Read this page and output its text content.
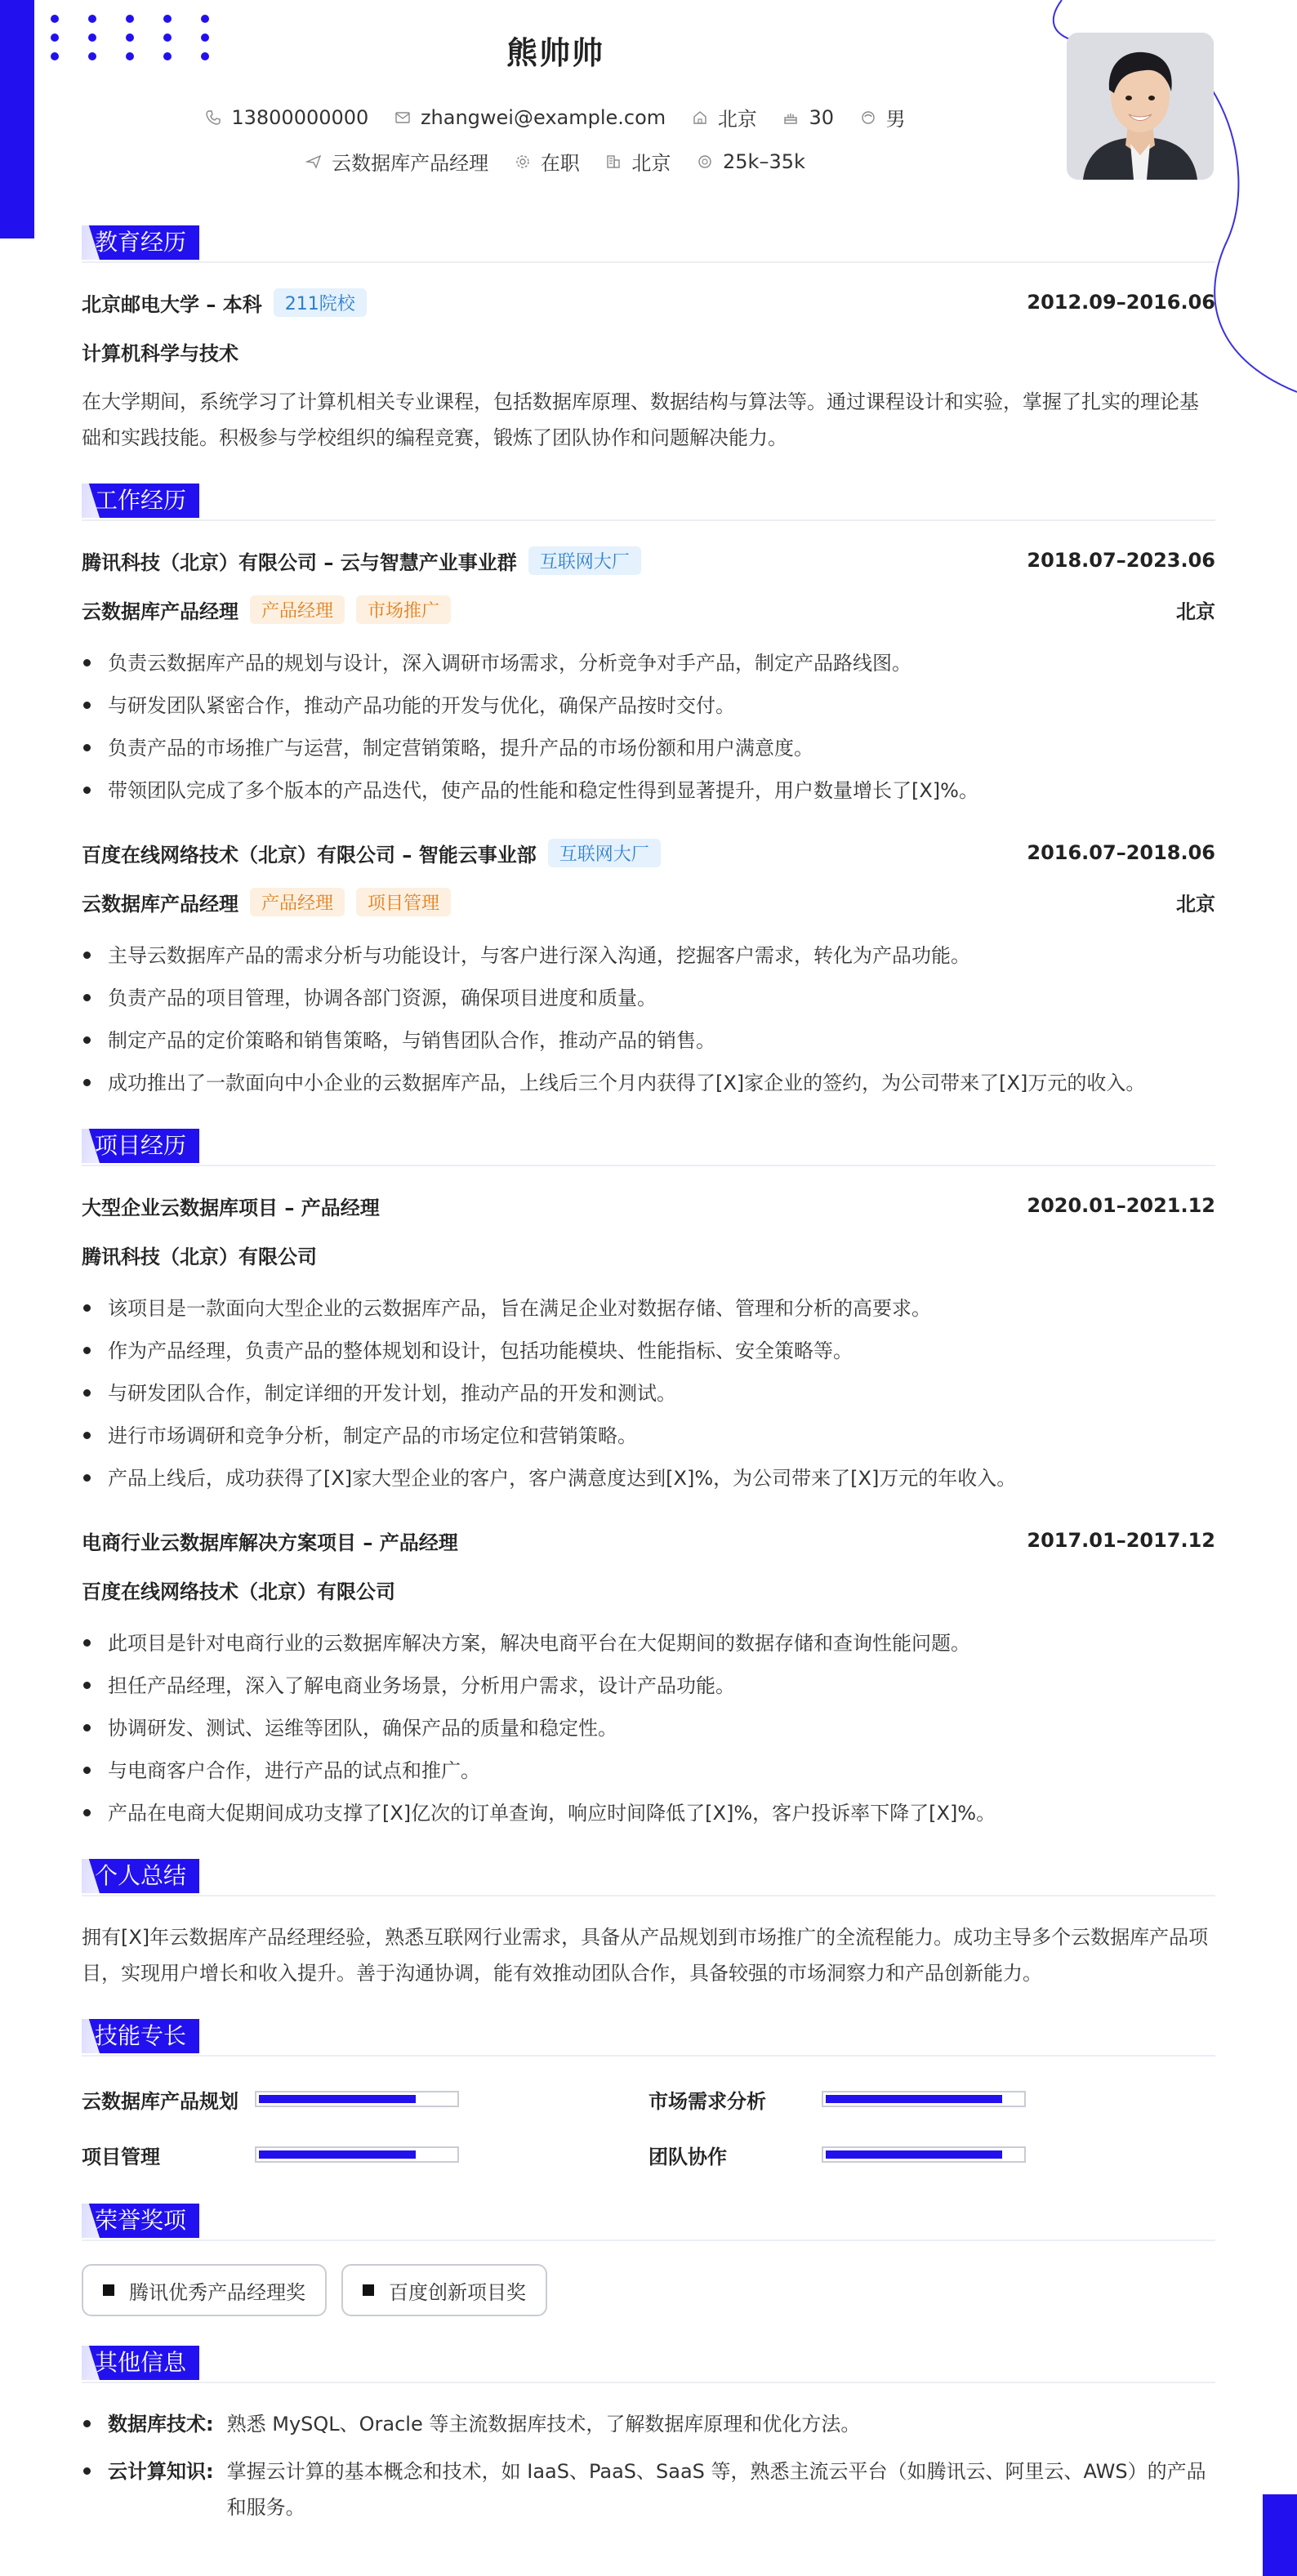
熊帅帅
13800000000
	zhangwei@example.com
	北京
	30
	男
云数据库产品经理
	在职
	北京
	25k–35k
教育经历
北京邮电大学 – 本科	211院校	2012.09–2016.06
计算机科学与技术

在大学期间，系统学习了计算机相关专业课程，包括数据库原理、数据结构与算法等。通过课程设计和实验，掌握了扎实的理论基础和实践技能。积极参与学校组织的编程竞赛，锻炼了团队协作和问题解决能力。

工作经历
腾讯科技（北京）有限公司 – 云与智慧产业事业群	互联网大厂	2018.07–2023.06
云数据库产品经理	产品经理	市场推广	北京
负责云数据库产品的规划与设计，深入调研市场需求，分析竞争对手产品，制定产品路线图。
与研发团队紧密合作，推动产品功能的开发与优化，确保产品按时交付。
负责产品的市场推广与运营，制定营销策略，提升产品的市场份额和用户满意度。
带领团队完成了多个版本的产品迭代，使产品的性能和稳定性得到显著提升，用户数量增长了[X]%。
百度在线网络技术（北京）有限公司 – 智能云事业部	互联网大厂	2016.07–2018.06
云数据库产品经理	产品经理	项目管理	北京
主导云数据库产品的需求分析与功能设计，与客户进行深入沟通，挖掘客户需求，转化为产品功能。
负责产品的项目管理，协调各部门资源，确保项目进度和质量。
制定产品的定价策略和销售策略，与销售团队合作，推动产品的销售。
成功推出了一款面向中小企业的云数据库产品，上线后三个月内获得了[X]家企业的签约，为公司带来了[X]万元的收入。
项目经历
大型企业云数据库项目 – 产品经理	2020.01–2021.12
腾讯科技（北京）有限公司
该项目是一款面向大型企业的云数据库产品，旨在满足企业对数据存储、管理和分析的高要求。
作为产品经理，负责产品的整体规划和设计，包括功能模块、性能指标、安全策略等。
与研发团队合作，制定详细的开发计划，推动产品的开发和测试。
进行市场调研和竞争分析，制定产品的市场定位和营销策略。
产品上线后，成功获得了[X]家大型企业的客户，客户满意度达到[X]%，为公司带来了[X]万元的年收入。
电商行业云数据库解决方案项目 – 产品经理	2017.01–2017.12
百度在线网络技术（北京）有限公司
此项目是针对电商行业的云数据库解决方案，解决电商平台在大促期间的数据存储和查询性能问题。
担任产品经理，深入了解电商业务场景，分析用户需求，设计产品功能。
协调研发、测试、运维等团队，确保产品的质量和稳定性。
与电商客户合作，进行产品的试点和推广。
产品在电商大促期间成功支撑了[X]亿次的订单查询，响应时间降低了[X]%，客户投诉率下降了[X]%。
个人总结

拥有[X]年云数据库产品经理经验，熟悉互联网行业需求，具备从产品规划到市场推广的全流程能力。成功主导多个云数据库产品项目，实现用户增长和收入提升。善于沟通协调，能有效推动团队合作，具备较强的市场洞察力和产品创新能力。

技能专长
云数据库产品规划	市场需求分析
项目管理	团队协作
荣誉奖项
腾讯优秀产品经理奖	百度创新项目奖
其他信息
数据库技术: 熟悉 MySQL、Oracle 等主流数据库技术，了解数据库原理和优化方法。
云计算知识: 掌握云计算的基本概念和技术，如 IaaS、PaaS、SaaS 等，熟悉主流云平台（如腾讯云、阿里云、AWS）的产品和服务。
